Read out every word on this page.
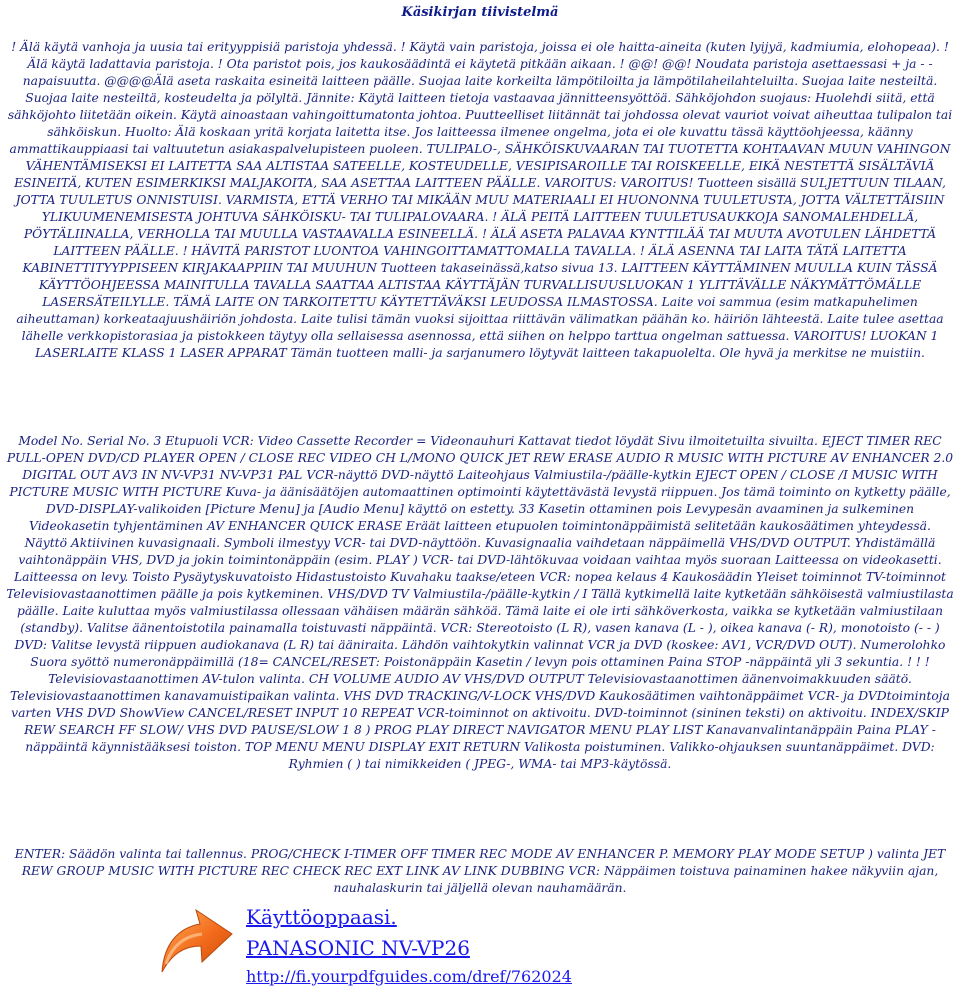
Käsikirjan tiivistelmä

! Älä käytä vanhoja ja uusia tai erityyppisiä paristoja yhdessä. ! Käytä vain paristoja, joissa ei ole haitta-aineita (kuten lyijyä, kadmiumia, elohopeaa). ! Älä käytä ladattavia paristoja. ! Ota paristot pois, jos kaukosäädintä ei käytetä pitkään aikaan. ! @@! @@! Noudata paristoja asettaessasi + ja - -napaisuutta. @@@@Älä aseta raskaita esineitä laitteen päälle. Suojaa laite korkeilta lämpötiloilta ja lämpötilaheilahteluilta. Suojaa laite nesteiltä. Suojaa laite nesteiltä, kosteudelta ja pölyltä. Jännite: Käytä laitteen tietoja vastaavaa jännitteensyöttöä. Sähköjohdon suojaus: Huolehdi siitä, että sähköjohto liitetään oikein. Käytä ainoastaan vahingoittumatonta johtoa. Puutteelliset liitännät tai johdossa olevat vauriot voivat aiheuttaa tulipalon tai sähköiskun. Huolto: Älä koskaan yritä korjata laitetta itse. Jos laitteessa ilmenee ongelma, jota ei ole kuvattu tässä käyttöohjeessa, käänny ammattikauppiaasi tai valtuutetun asiakaspalvelupisteen puoleen. TULIPALO-, SÄHKÖISKUVAARAN TAI TUOTETTA KOHTAAVAN MUUN VAHINGON VÄHENTÄMISEKSI EI LAITETTA SAA ALTISTAA SATEELLE, KOSTEUDELLE, VESIPISAROILLE TAI ROISKEELLE, EIKÄ NESTETTÄ SISÄLTÄVIÄ ESINEITÄ, KUTEN ESIMERKIKSI MALJAKOITA, SAA ASETTAA LAITTEEN PÄÄLLE. VAROITUS: VAROITUS! Tuotteen sisällä SULJETTUUN TILAAN, JOTTA TUULETUS ONNISTUISI. VARMISTA, ETTÄ VERHO TAI MIKÄÄN MUU MATERIAALI EI HUONONNA TUULETUSTA, JOTTA VÄLTETTÄISIIN YLIKUUMENEMISESTA JOHTUVA SÄHKÖISKU- TAI TULIPALOVAARA. ! ÄLÄ PEITÄ LAITTEEN TUULETUSAUKKOJA SANOMALEHDELLÄ, PÖYTÄLIINALLA, VERHOLLA TAI MUULLA VASTAAVALLA ESINEELLÄ. ! ÄLÄ ASETA PALAVAA KYNTTILÄÄ TAI MUUTA AVOTULEN LÄHDETTÄ LAITTEEN PÄÄLLE. ! HÄVITÄ PARISTOT LUONTOA VAHINGOITTAMATTOMALLA TAVALLA. ! ÄLÄ ASENNA TAI LAITA TÄTÄ LAITETTA KABINETTITYYPPISEEN KIRJAKAAPPIIN TAI MUUHUN Tuotteen takaseinässä,katso sivua 13. LAITTEEN KÄYTTÄMINEN MUULLA KUIN TÄSSÄ KÄYTTÖOHJEESSA MAINITULLA TAVALLA SAATTAA ALTISTAA KÄYTTÄJÄN TURVALLISUUSLUOKAN 1 YLITTÄVÄLLE NÄKYMÄTTÖMÄLLE LASERSÄTEILYLLE. TÄMÄ LAITE ON TARKOITETTU KÄYTETTÄVÄKSI LEUDOSSA ILMASTOSSA. Laite voi sammua (esim matkapuhelimen aiheuttaman) korkeataajuushäiriön johdosta. Laite tulisi tämän vuoksi sijoittaa riittävän välimatkan päähän ko. häiriön lähteestä. Laite tulee asettaa lähelle verkkopistorasiaa ja pistokkeen täytyy olla sellaisessa asennossa, että siihen on helppo tarttua ongelman sattuessa. VAROITUS! LUOKAN 1 LASERLAITE KLASS 1 LASER APPARAT Tämän tuotteen malli- ja sarjanumero löytyvät laitteen takapuolelta. Ole hyvä ja merkitse ne muistiin.

Model No. Serial No. 3 Etupuoli VCR: Video Cassette Recorder = Videonauhuri Kattavat tiedot löydät Sivu ilmoitetuilta sivuilta. EJECT TIMER REC PULL-OPEN DVD/CD PLAYER OPEN / CLOSE REC VIDEO CH L/MONO QUICK JET REW ERASE AUDIO R MUSIC WITH PICTURE AV ENHANCER 2.0 DIGITAL OUT AV3 IN NV-VP31 NV-VP31 PAL VCR-näyttö DVD-näyttö Laiteohjaus Valmiustila-/päälle-kytkin EJECT OPEN / CLOSE /I MUSIC WITH PICTURE MUSIC WITH PICTURE Kuva- ja äänisäätöjen automaattinen optimointi käytettävästä levystä riippuen. Jos tämä toiminto on kytketty päälle, DVD-DISPLAY-valikoiden [Picture Menu] ja [Audio Menu] käyttö on estetty. 33 Kasetin ottaminen pois Levypesän avaaminen ja sulkeminen Videokasetin tyhjentäminen AV ENHANCER QUICK ERASE Eräät laitteen etupuolen toimintonäppäimistä selitetään kaukosäätimen yhteydessä. Näyttö Aktiivinen kuvasignaali. Symboli ilmestyy VCR- tai DVD-näyttöön. Kuvasignaalia vaihdetaan näppäimellä VHS/DVD OUTPUT. Yhdistämällä vaihtonäppäin VHS, DVD ja jokin toimintonäppäin (esim. PLAY ) VCR- tai DVD-lähtökuvaa voidaan vaihtaa myös suoraan Laitteessa on videokasetti. Laitteessa on levy. Toisto Pysäytyskuvatoisto Hidastustoisto Kuvahaku taakse/eteen VCR: nopea kelaus 4 Kaukosäädin Yleiset toiminnot TV-toiminnot Televisiovastaanottimen päälle ja pois kytkeminen. VHS/DVD TV Valmiustila-/päälle-kytkin / I Tällä kytkimellä laite kytketään sähköisestä valmiustilasta päälle. Laite kuluttaa myös valmiustilassa ollessaan vähäisen määrän sähköä. Tämä laite ei ole irti sähköverkosta, vaikka se kytketään valmiustilaan (standby). Valitse äänentoistotila painamalla toistuvasti näppäintä. VCR: Stereotoisto (L R), vasen kanava (L - ), oikea kanava (- R), monotoisto (- - ) DVD: Valitse levystä riippuen audiokanava (L R) tai ääniraita. Lähdön vaihtokytkin valinnat VCR ja DVD (koskee: AV1, VCR/DVD OUT). Numerolohko Suora syöttö numeronäppäimillä (18= CANCEL/RESET: Poistonäppäin Kasetin / levyn pois ottaminen Paina STOP -näppäintä yli 3 sekuntia. ! ! ! Televisiovastaanottimen AV-tulon valinta. CH VOLUME AUDIO AV VHS/DVD OUTPUT Televisiovastaanottimen äänenvoimakkuuden säätö. Televisiovastaanottimen kanavamuistipaikan valinta. VHS DVD TRACKING/V-LOCK VHS/DVD Kaukosäätimen vaihtonäppäimet VCR- ja DVDtoimintoja varten VHS DVD ShowView CANCEL/RESET INPUT 10 REPEAT VCR-toiminnot on aktivoitu. DVD-toiminnot (sininen teksti) on aktivoitu. INDEX/SKIP REW SEARCH FF SLOW/ VHS DVD PAUSE/SLOW 1 8 ) PROG PLAY DIRECT NAVIGATOR MENU PLAY LIST Kanavanvalintanäppäin Paina PLAY -näppäintä käynnistääksesi toiston. TOP MENU MENU DISPLAY EXIT RETURN Valikosta poistuminen. Valikko-ohjauksen suuntanäppäimet. DVD: Ryhmien ( ) tai nimikkeiden ( JPEG-, WMA- tai MP3-käytössä.

ENTER: Säädön valinta tai tallennus. PROG/CHECK I-TIMER OFF TIMER REC MODE AV ENHANCER P. MEMORY PLAY MODE SETUP ) valinta JET REW GROUP MUSIC WITH PICTURE REC CHECK REC EXT LINK AV LINK DUBBING VCR: Näppäimen toistuva painaminen hakee näkyviin ajan, nauhalaskurin tai jäljellä olevan nauhamäärän.

Käyttöoppaasi.
PANASONIC NV-VP26
http://fi.yourpdfguides.com/dref/762024
